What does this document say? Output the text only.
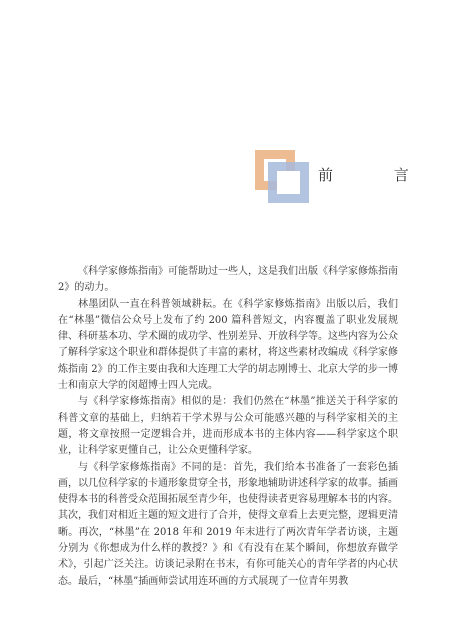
前 言

《科学家修炼指南》可能帮助过一些人，这是我们出版《科学家修炼指南 2》的动力。

林墨团队一直在科普领域耕耘。在《科学家修炼指南》出版以后，我们在“林墨”微信公众号上发布了约 200 篇科普短文，内容覆盖了职业发展规律、科研基本功、学术圈的成功学、性别差异、开放科学等。这些内容为公众了解科学家这个职业和群体提供了丰富的素材，将这些素材改编成《科学家修炼指南 2》的工作主要由我和大连理工大学的胡志刚博士、北京大学的步一博士和南京大学的闵超博士四人完成。

与《科学家修炼指南》相似的是：我们仍然在“林墨”推送关于科学家的科普文章的基础上，归纳若干学术界与公众可能感兴趣的与科学家相关的主题，将文章按照一定逻辑合并，进而形成本书的主体内容——科学家这个职业，让科学家更懂自己，让公众更懂科学家。

与《科学家修炼指南》不同的是：首先，我们给本书准备了一套彩色插画，以几位科学家的卡通形象贯穿全书，形象地辅助讲述科学家的故事。插画使得本书的科普受众范围拓展至青少年，也使得读者更容易理解本书的内容。其次，我们对相近主题的短文进行了合并，使得文章看上去更完整，逻辑更清晰。再次，“林墨”在 2018 年和 2019 年末进行了两次青年学者访谈，主题分别为《你想成为什么样的教授？》和《有没有在某个瞬间，你想放弃做学术》，引起广泛关注。访谈记录附在书末，有你可能关心的青年学者的内心状态。最后，“林墨”插画师尝试用连环画的方式展现了一位青年男教
